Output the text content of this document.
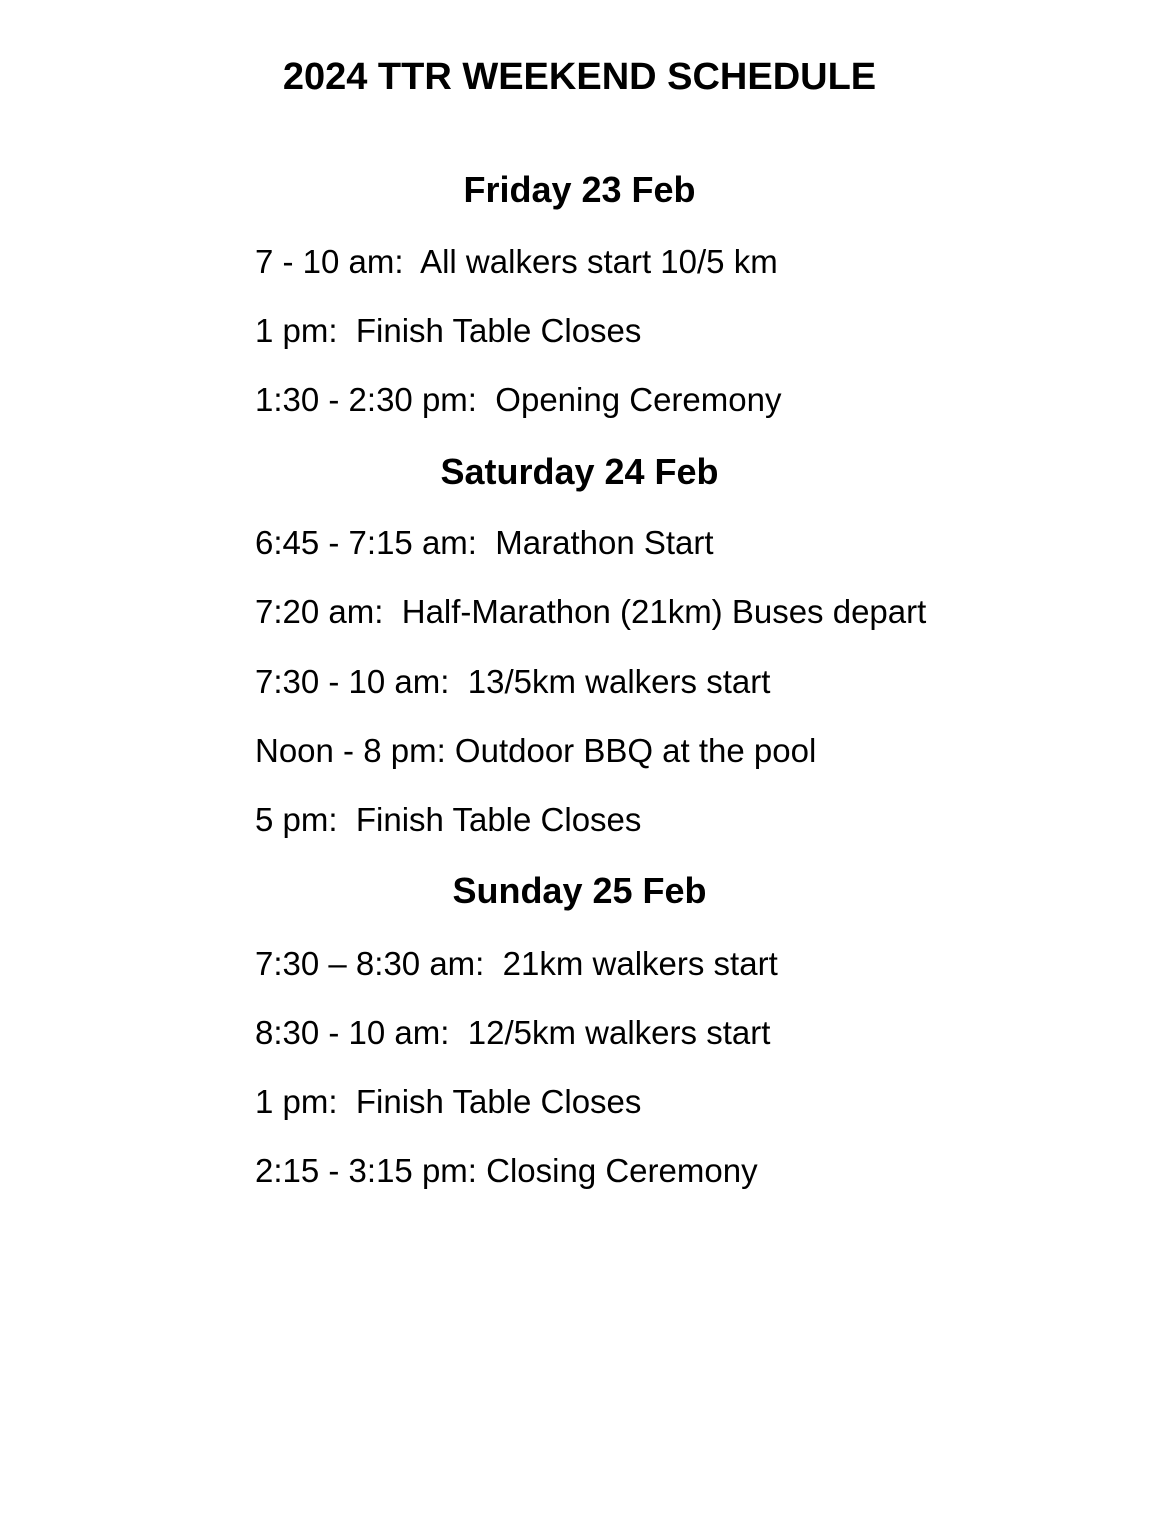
2024 TTR WEEKEND SCHEDULE
Friday 23 Feb

7 - 10 am:  All walkers start 10/5 km

1 pm:  Finish Table Closes

1:30 - 2:30 pm:  Opening Ceremony

Saturday 24 Feb

6:45 - 7:15 am:  Marathon Start

7:20 am:  Half-Marathon (21km) Buses depart

7:30 - 10 am:  13/5km walkers start

Noon - 8 pm: Outdoor BBQ at the pool

5 pm:  Finish Table Closes

Sunday 25 Feb

7:30 – 8:30 am:  21km walkers start

8:30 - 10 am:  12/5km walkers start

1 pm:  Finish Table Closes

2:15 - 3:15 pm: Closing Ceremony
